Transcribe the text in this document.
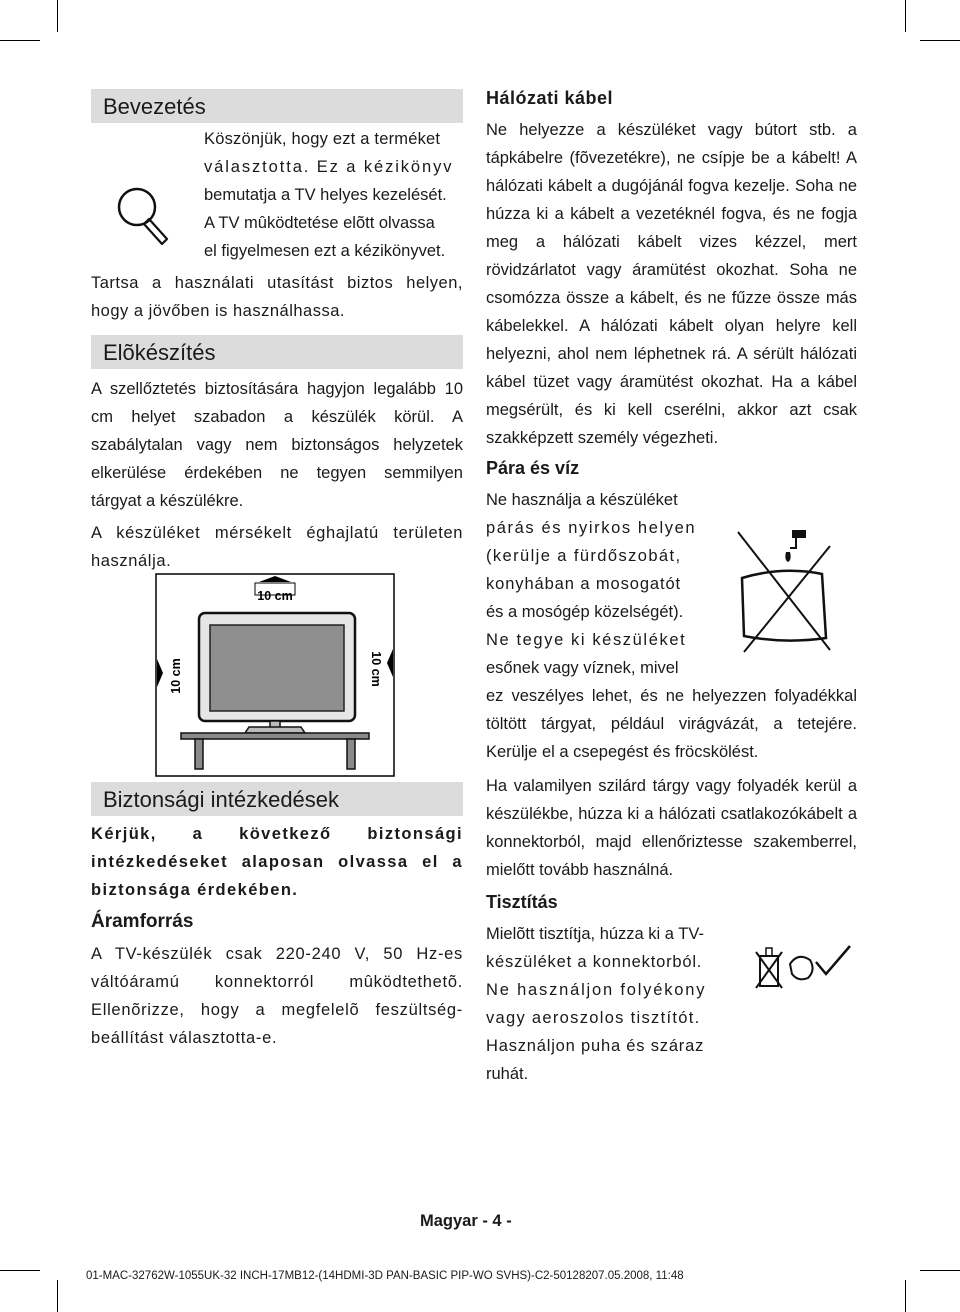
Bevezetés

Köszönjük, hogy ezt a terméket

választotta. Ez a kézikönyv

bemutatja a TV helyes kezelését.

A TV mûködtetése elõtt olvassa

el figyelmesen ezt a kézikönyvet.

Tartsa a használati utasítást biztos helyen, hogy a jövőben is használhassa.

Elõkészítés

A szellőztetés biztosítására hagyjon legalább 10 cm helyet szabadon a készülék körül. A szabálytalan vagy nem biztonságos helyzetek elkerülése érdekében ne tegyen semmilyen tárgyat a készülékre.

A készüléket mérsékelt éghajlatú területen használja.

10 cm
10 cm	10 cm
Biztonsági intézkedések

Kérjük, a következő biztonsági intézkedéseket alaposan olvassa el a biztonsága érdekében.

Áramforrás

A TV-készülék csak 220-240 V, 50 Hz-es váltóáramú konnektorról mûködtethetõ. Ellenõrizze, hogy a megfelelõ feszültség-beállítást választotta-e.

Hálózati kábel

Ne helyezze a készüléket vagy bútort stb. a tápkábelre (fõvezetékre), ne csípje be a kábelt! A hálózati kábelt a dugójánál fogva kezelje. Soha ne húzza ki a kábelt a vezetéknél fogva, és ne fogja meg a hálózati kábelt vizes kézzel, mert rövidzárlatot vagy áramütést okozhat. Soha ne csomózza össze a kábelt, és ne fűzze össze más kábelekkel. A hálózati kábelt olyan helyre kell helyezni, ahol nem léphetnek rá. A sérült hálózati kábel tüzet vagy áramütést okozhat. Ha a kábel megsérült, és ki kell cserélni, akkor azt csak szakképzett személy végezheti.

Pára és víz

Ne használja a készüléket

párás és nyirkos helyen

(kerülje a fürdőszobát,

konyhában a mosogatót

és a mosógép közelségét).

Ne tegye ki készüléket

esőnek vagy víznek, mivel

ez veszélyes lehet, és ne helyezzen folyadékkal töltött tárgyat, például virágvázát, a tetejére. Kerülje el a csepegést és fröcskölést.

Ha valamilyen szilárd tárgy vagy folyadék kerül a készülékbe, húzza ki a hálózati csatlakozókábelt a konnektorból, majd ellenőriztesse szakemberrel, mielőtt tovább használná.

Tisztítás

Mielõtt tisztítja, húzza ki a TV-

készüléket a konnektorból.

Ne használjon folyékony

vagy aeroszolos tisztítót.

Használjon puha és száraz

ruhát.

Magyar - 4 -
01-MAC-32762W-1055UK-32 INCH-17MB12-(14HDMI-3D PAN-BASIC PIP-WO SVHS)-C2-50128207.05.2008, 11:48
